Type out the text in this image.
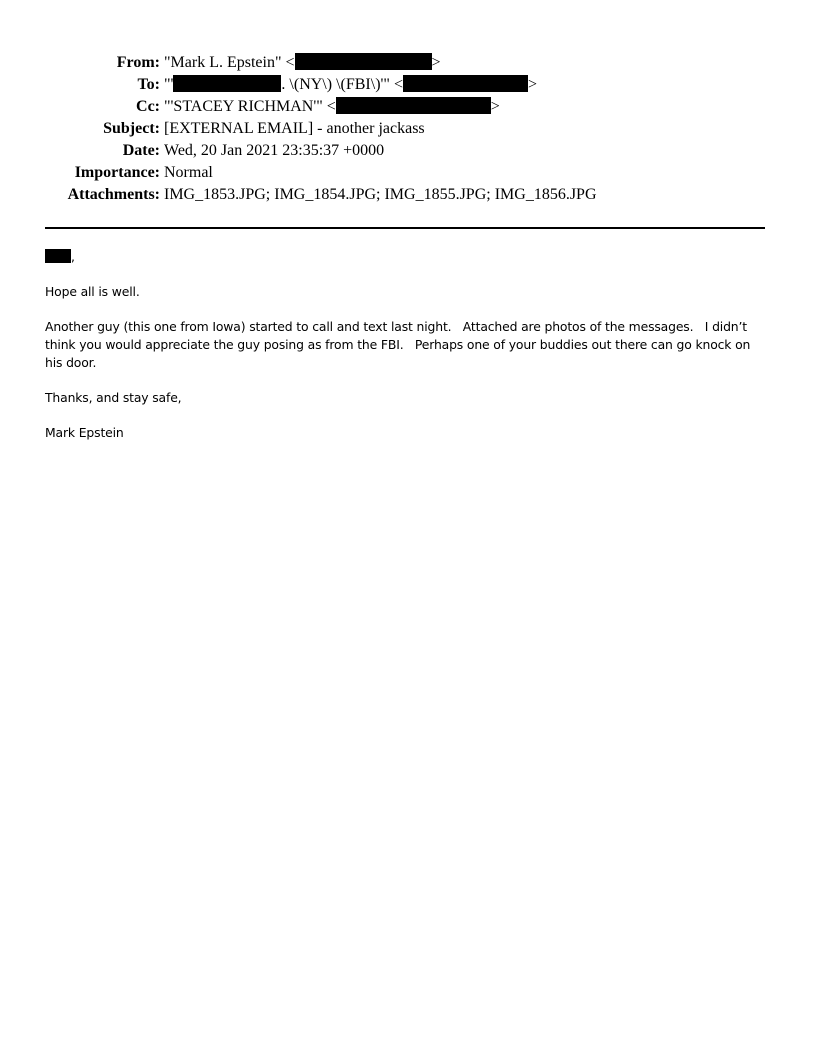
From: "Mark L. Epstein" <	>
To: "'	. \(NY\) \(FBI\)'" <	>
Cc: "'STACEY RICHMAN'" <	>
Subject: [EXTERNAL EMAIL] - another jackass
Date: Wed, 20 Jan 2021 23:35:37 +0000
Importance: Normal
Attachments: IMG_1853.JPG; IMG_1854.JPG; IMG_1855.JPG; IMG_1856.JPG

,

Hope all is well.

Another guy (this one from Iowa) started to call and text last night.   Attached are photos of the messages.   I didn’t think you would appreciate the guy posing as from the FBI.   Perhaps one of your buddies out there can go knock on his door.

Thanks, and stay safe,

Mark Epstein
